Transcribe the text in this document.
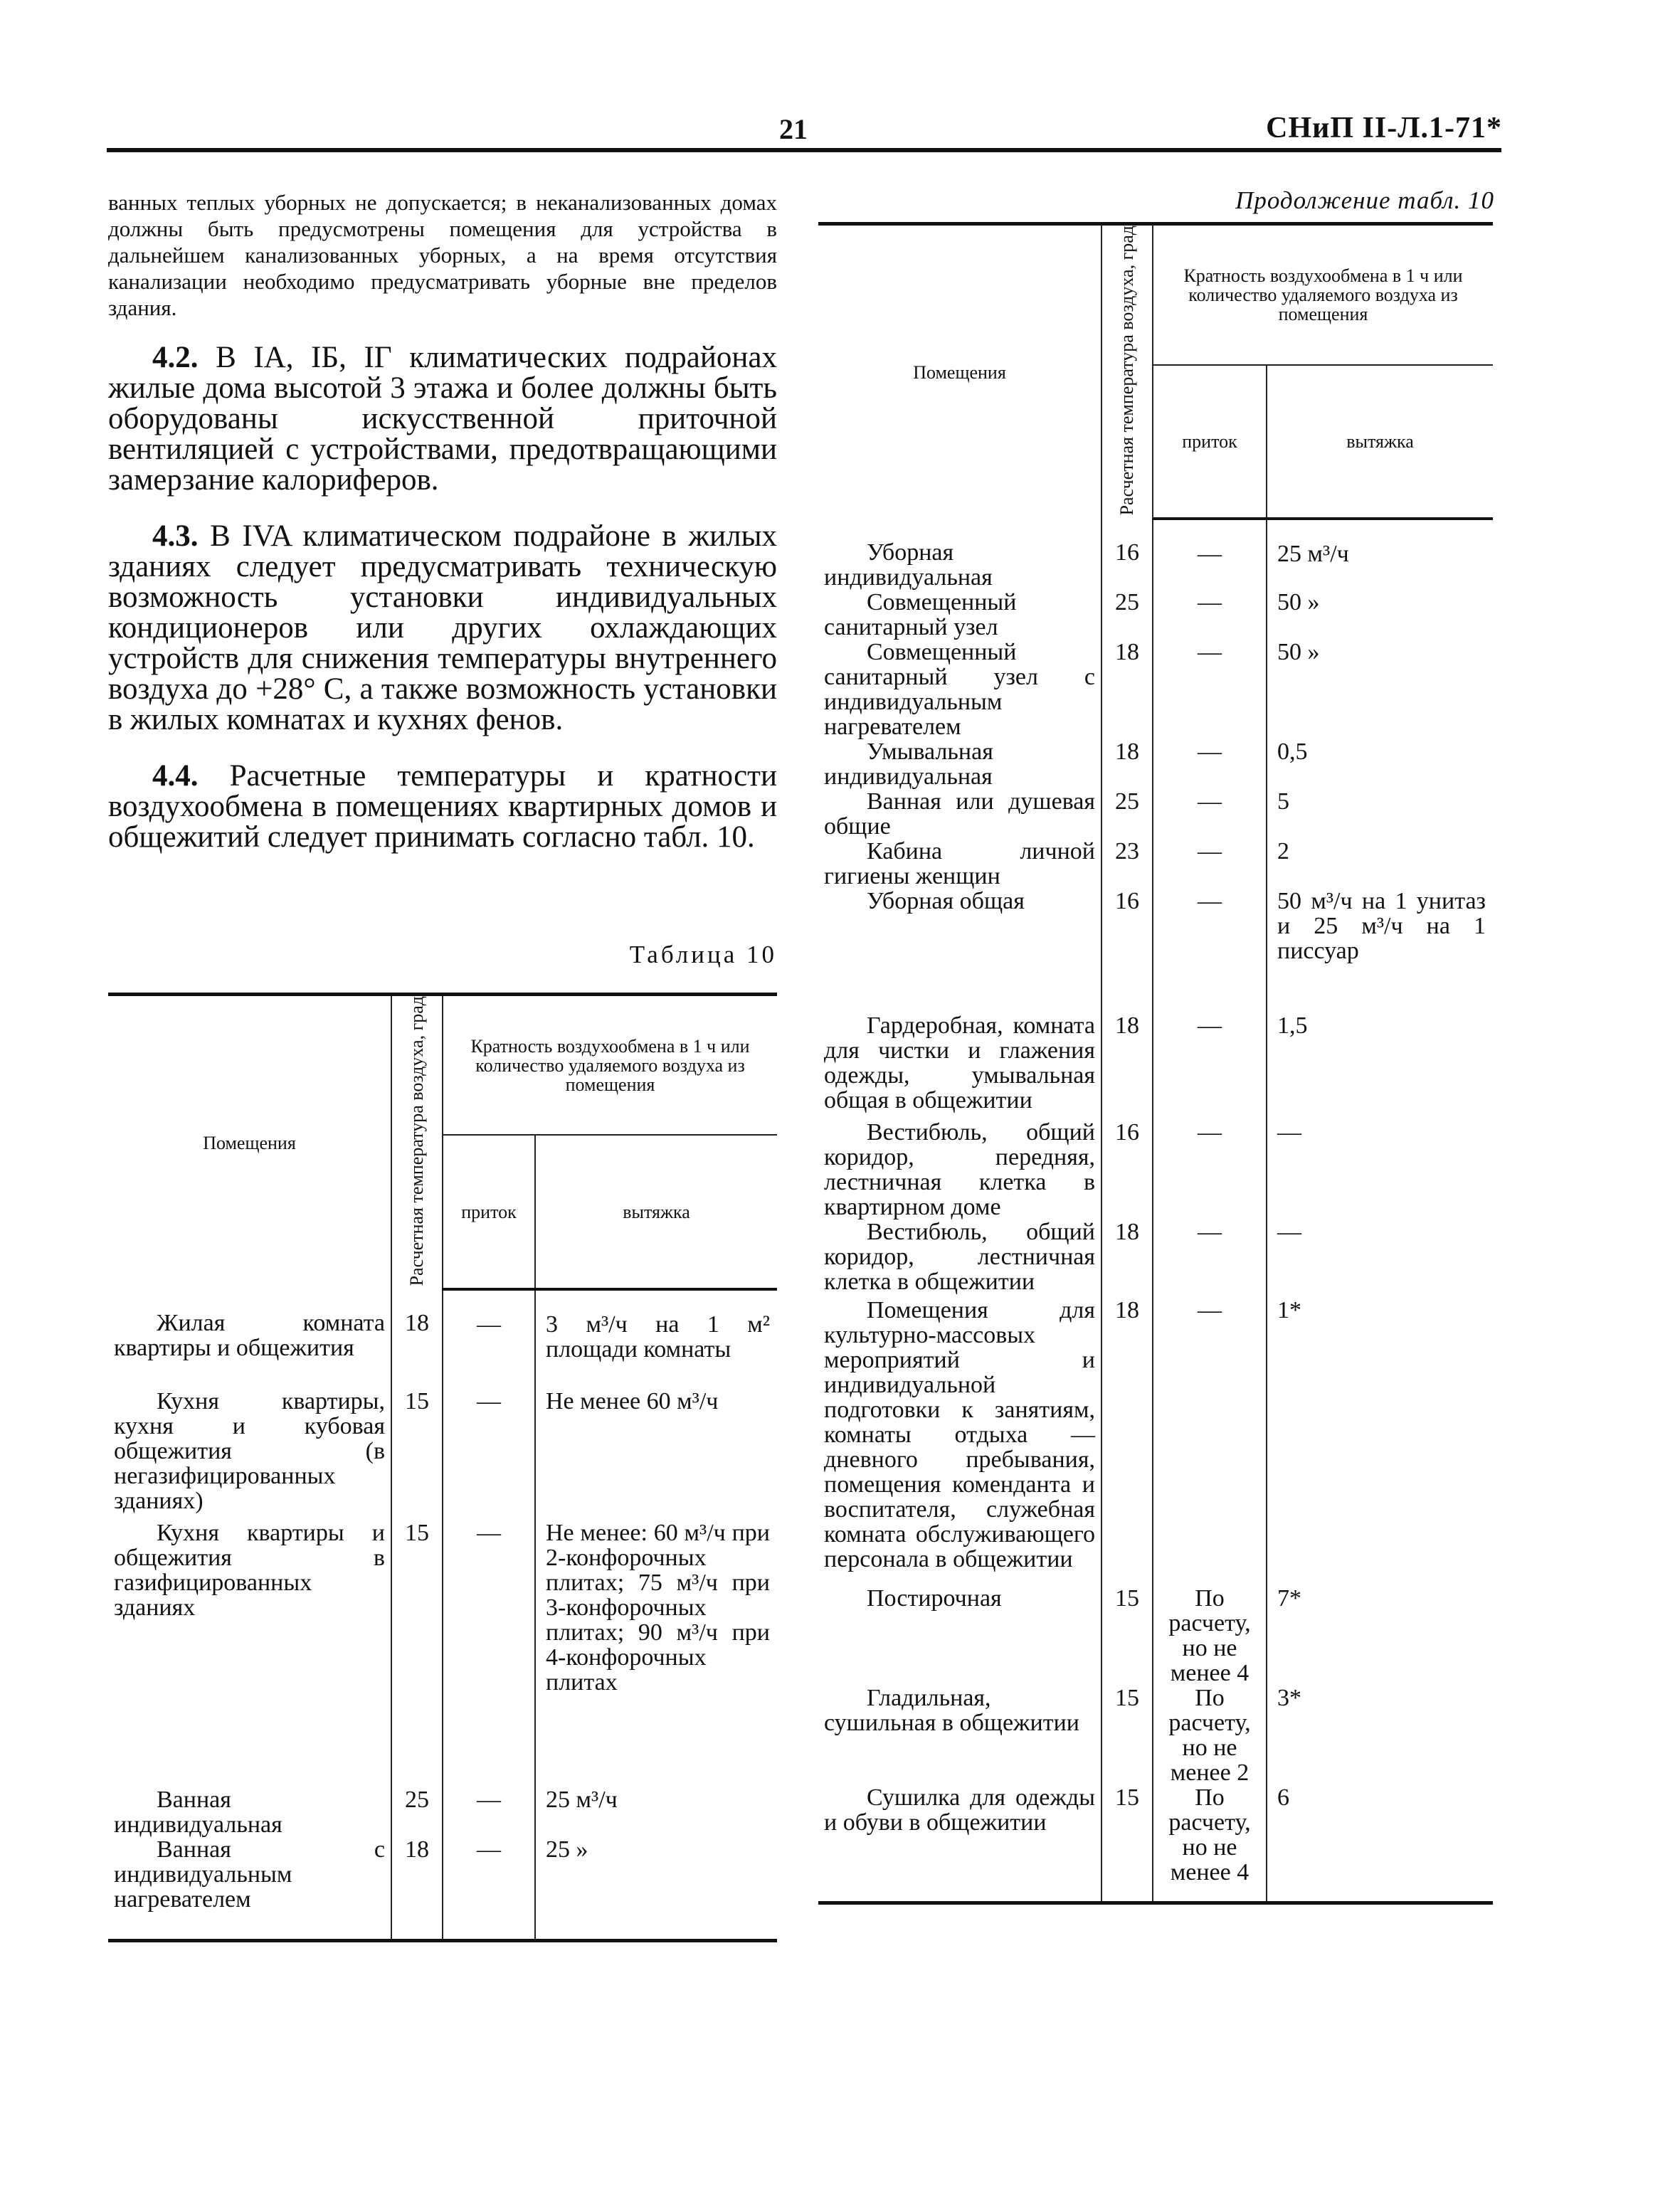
21	СНиП II-Л.1-71*

ванных теплых уборных не допускается; в неканализованных домах должны быть предусмотрены помещения для устройства в дальнейшем канализованных уборных, а на время отсутствия канализации необходимо предусматривать уборные вне пределов здания.

4.2. В IА, IБ, IГ климатических подрайонах жилые дома высотой 3 этажа и более должны быть оборудованы искусственной приточной вентиляцией с устройствами, предотвращающими замерзание калориферов.

4.3. В IVA климатическом подрайоне в жилых зданиях следует предусматривать техническую возможность установки индивидуальных кондиционеров или других охлаждающих устройств для снижения температуры внутреннего воздуха до +28° С, а также возможность установки в жилых комнатах и кухнях фенов.

4.4. Расчетные температуры и кратности воздухообмена в помещениях квартирных домов и общежитий следует принимать согласно табл. 10.

Таблица 10
Продолжение табл. 10
Помещения	Расчетная температура воздуха, град	Кратность воздухообмена в 1 ч или количество удаляемого воздуха из помещения	
		приток	вытяжка

Жилая комната квартиры и общежития	18	—	3 м³/ч на 1 м² площади комнаты

Кухня квартиры, кухня и кубовая общежития (в негазифицированных зданиях)	15	—	Не менее 60 м³/ч

Кухня квартиры и общежития в газифицированных зданиях	15	—	Не менее: 60 м³/ч при 2-конфорочных плитах; 75 м³/ч при 3-конфорочных плитах; 90 м³/ч при 4-конфорочных плитах

Ванная индивидуальная	25	—	25 м³/ч

Ванная с индивидуальным нагревателем	18	—	25 »
Помещения	Расчетная температура воздуха, град	Кратность воздухообмена в 1 ч или количество удаляемого воздуха из помещения	
		приток	вытяжка

Уборная индивидуальная	16	—	25 м³/ч

Совмещенный санитарный узел	25	—	50 »

Совмещенный санитарный узел с индивидуальным нагревателем	18	—	50 »

Умывальная индивидуальная	18	—	0,5

Ванная или душевая общие	25	—	5

Кабина личной гигиены женщин	23	—	2

Уборная общая	16	—	50 м³/ч на 1 унитаз и 25 м³/ч на 1 писсуар

Гардеробная, комната для чистки и глажения одежды, умывальная общая в общежитии	18	—	1,5

Вестибюль, общий коридор, передняя, лестничная клетка в квартирном доме	16	—	—

Вестибюль, общий коридор, лестничная клетка в общежитии	18	—	—

Помещения для культурно-массовых мероприятий и индивидуальной подготовки к занятиям, комнаты отдыха — дневного пребывания, помещения коменданта и воспитателя, служебная комната обслуживающего персонала в общежитии	18	—	1*

Постирочная	15	По расчету, но не менее 4	7*

Гладильная, сушильная в общежитии	15	По расчету, но не менее 2	3*

Сушилка для одежды и обуви в общежитии	15	По расчету, но не менее 4	6
